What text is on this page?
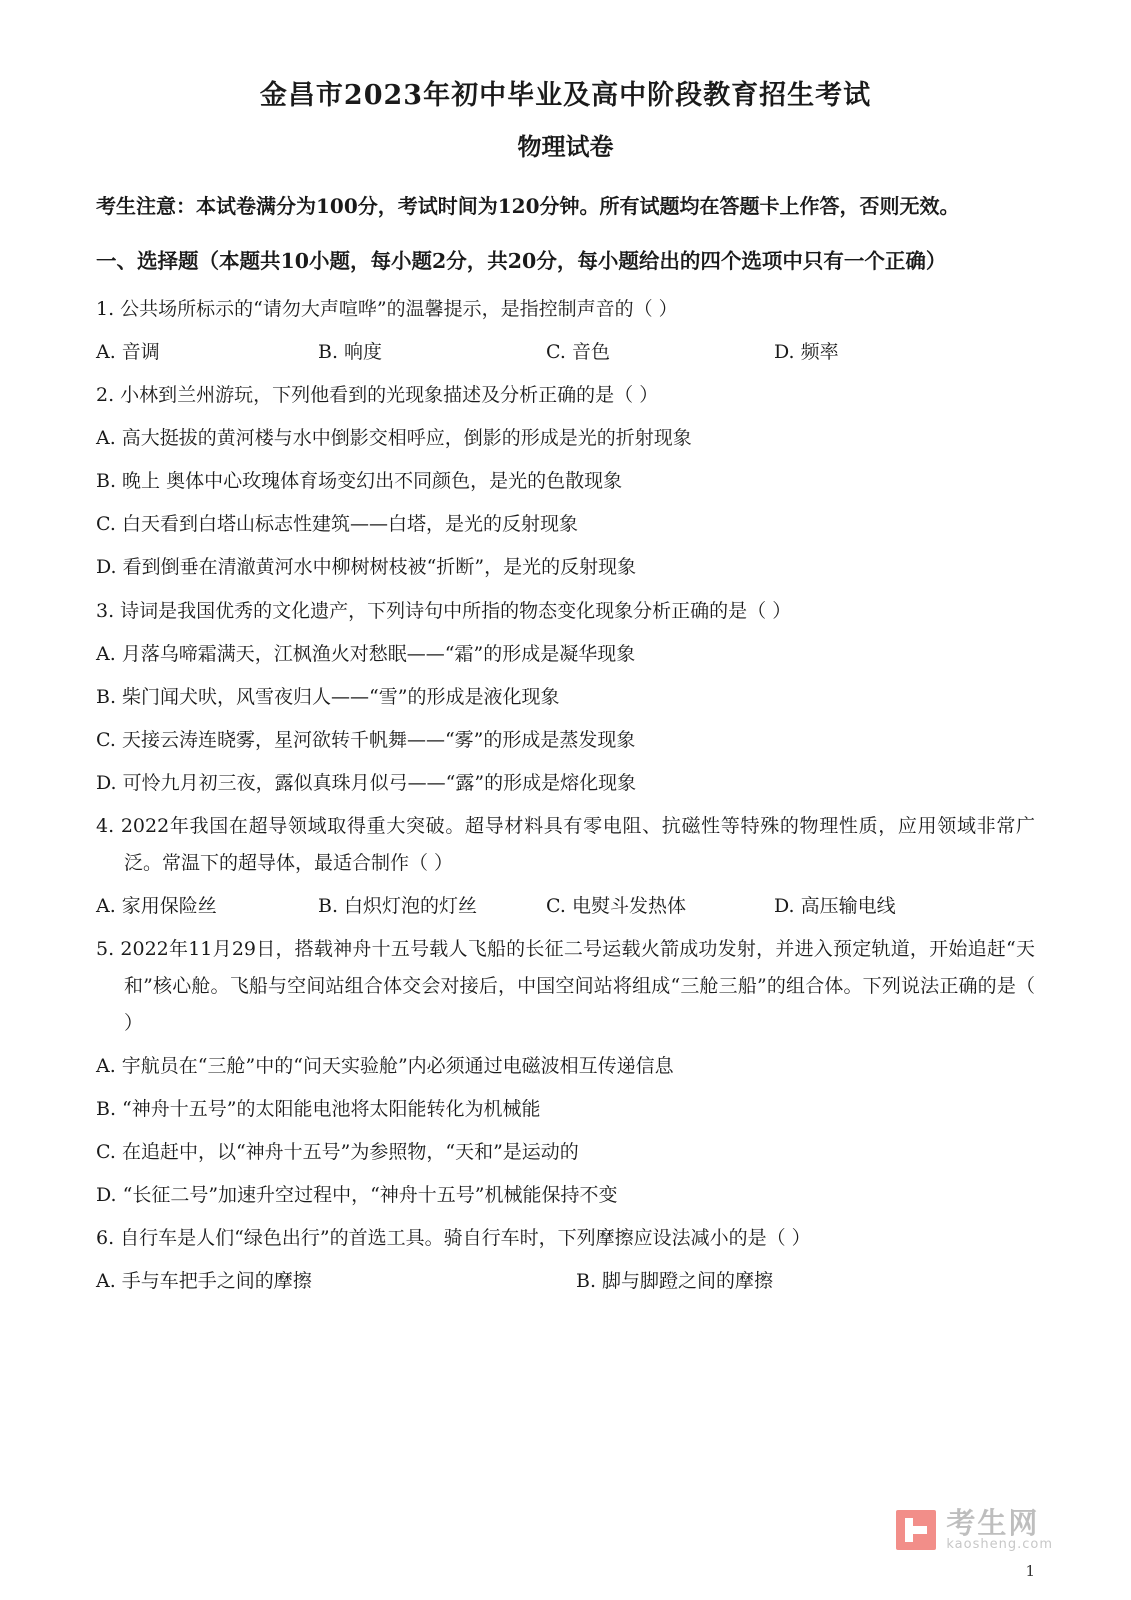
金昌市2023年初中毕业及高中阶段教育招生考试
物理试卷

考生注意：本试卷满分为100分，考试时间为120分钟。所有试题均在答题卡上作答，否则无效。

一、选择题（本题共10小题，每小题2分，共20分，每小题给出的四个选项中只有一个正确）

1. 公共场所标示的“请勿大声喧哗”的温馨提示，是指控制声音的（ ）

A. 音调	B. 响度	C. 音色	D. 频率

2. 小林到兰州游玩，下列他看到的光现象描述及分析正确的是（ ）

A. 高大挺拔的黄河楼与水中倒影交相呼应，倒影的形成是光的折射现象

B. 晚上 奥体中心玫瑰体育场变幻出不同颜色，是光的色散现象

C. 白天看到白塔山标志性建筑——白塔，是光的反射现象

D. 看到倒垂在清澈黄河水中柳树树枝被“折断”，是光的反射现象

3. 诗词是我国优秀的文化遗产，下列诗句中所指的物态变化现象分析正确的是（ ）

A. 月落乌啼霜满天，江枫渔火对愁眠——“霜”的形成是凝华现象

B. 柴门闻犬吠，风雪夜归人——“雪”的形成是液化现象

C. 天接云涛连晓雾，星河欲转千帆舞——“雾”的形成是蒸发现象

D. 可怜九月初三夜，露似真珠月似弓——“露”的形成是熔化现象

4. 2022年我国在超导领域取得重大突破。超导材料具有零电阻、抗磁性等特殊的物理性质，应用领域非常广泛。常温下的超导体，最适合制作（ ）

A. 家用保险丝	B. 白炽灯泡的灯丝	C. 电熨斗发热体	D. 高压输电线

5. 2022年11月29日，搭载神舟十五号载人飞船的长征二号运载火箭成功发射，并进入预定轨道，开始追赶“天和”核心舱。飞船与空间站组合体交会对接后，中国空间站将组成“三舱三船”的组合体。下列说法正确的是（ ）

A. 宇航员在“三舱”中的“问天实验舱”内必须通过电磁波相互传递信息

B. “神舟十五号”的太阳能电池将太阳能转化为机械能

C. 在追赶中，以“神舟十五号”为参照物，“天和”是运动的

D. “长征二号”加速升空过程中，“神舟十五号”机械能保持不变

6. 自行车是人们“绿色出行”的首选工具。骑自行车时，下列摩擦应设法减小的是（ ）

A. 手与车把手之间的摩擦	B. 脚与脚蹬之间的摩擦
考生网
kaosheng.com
1
